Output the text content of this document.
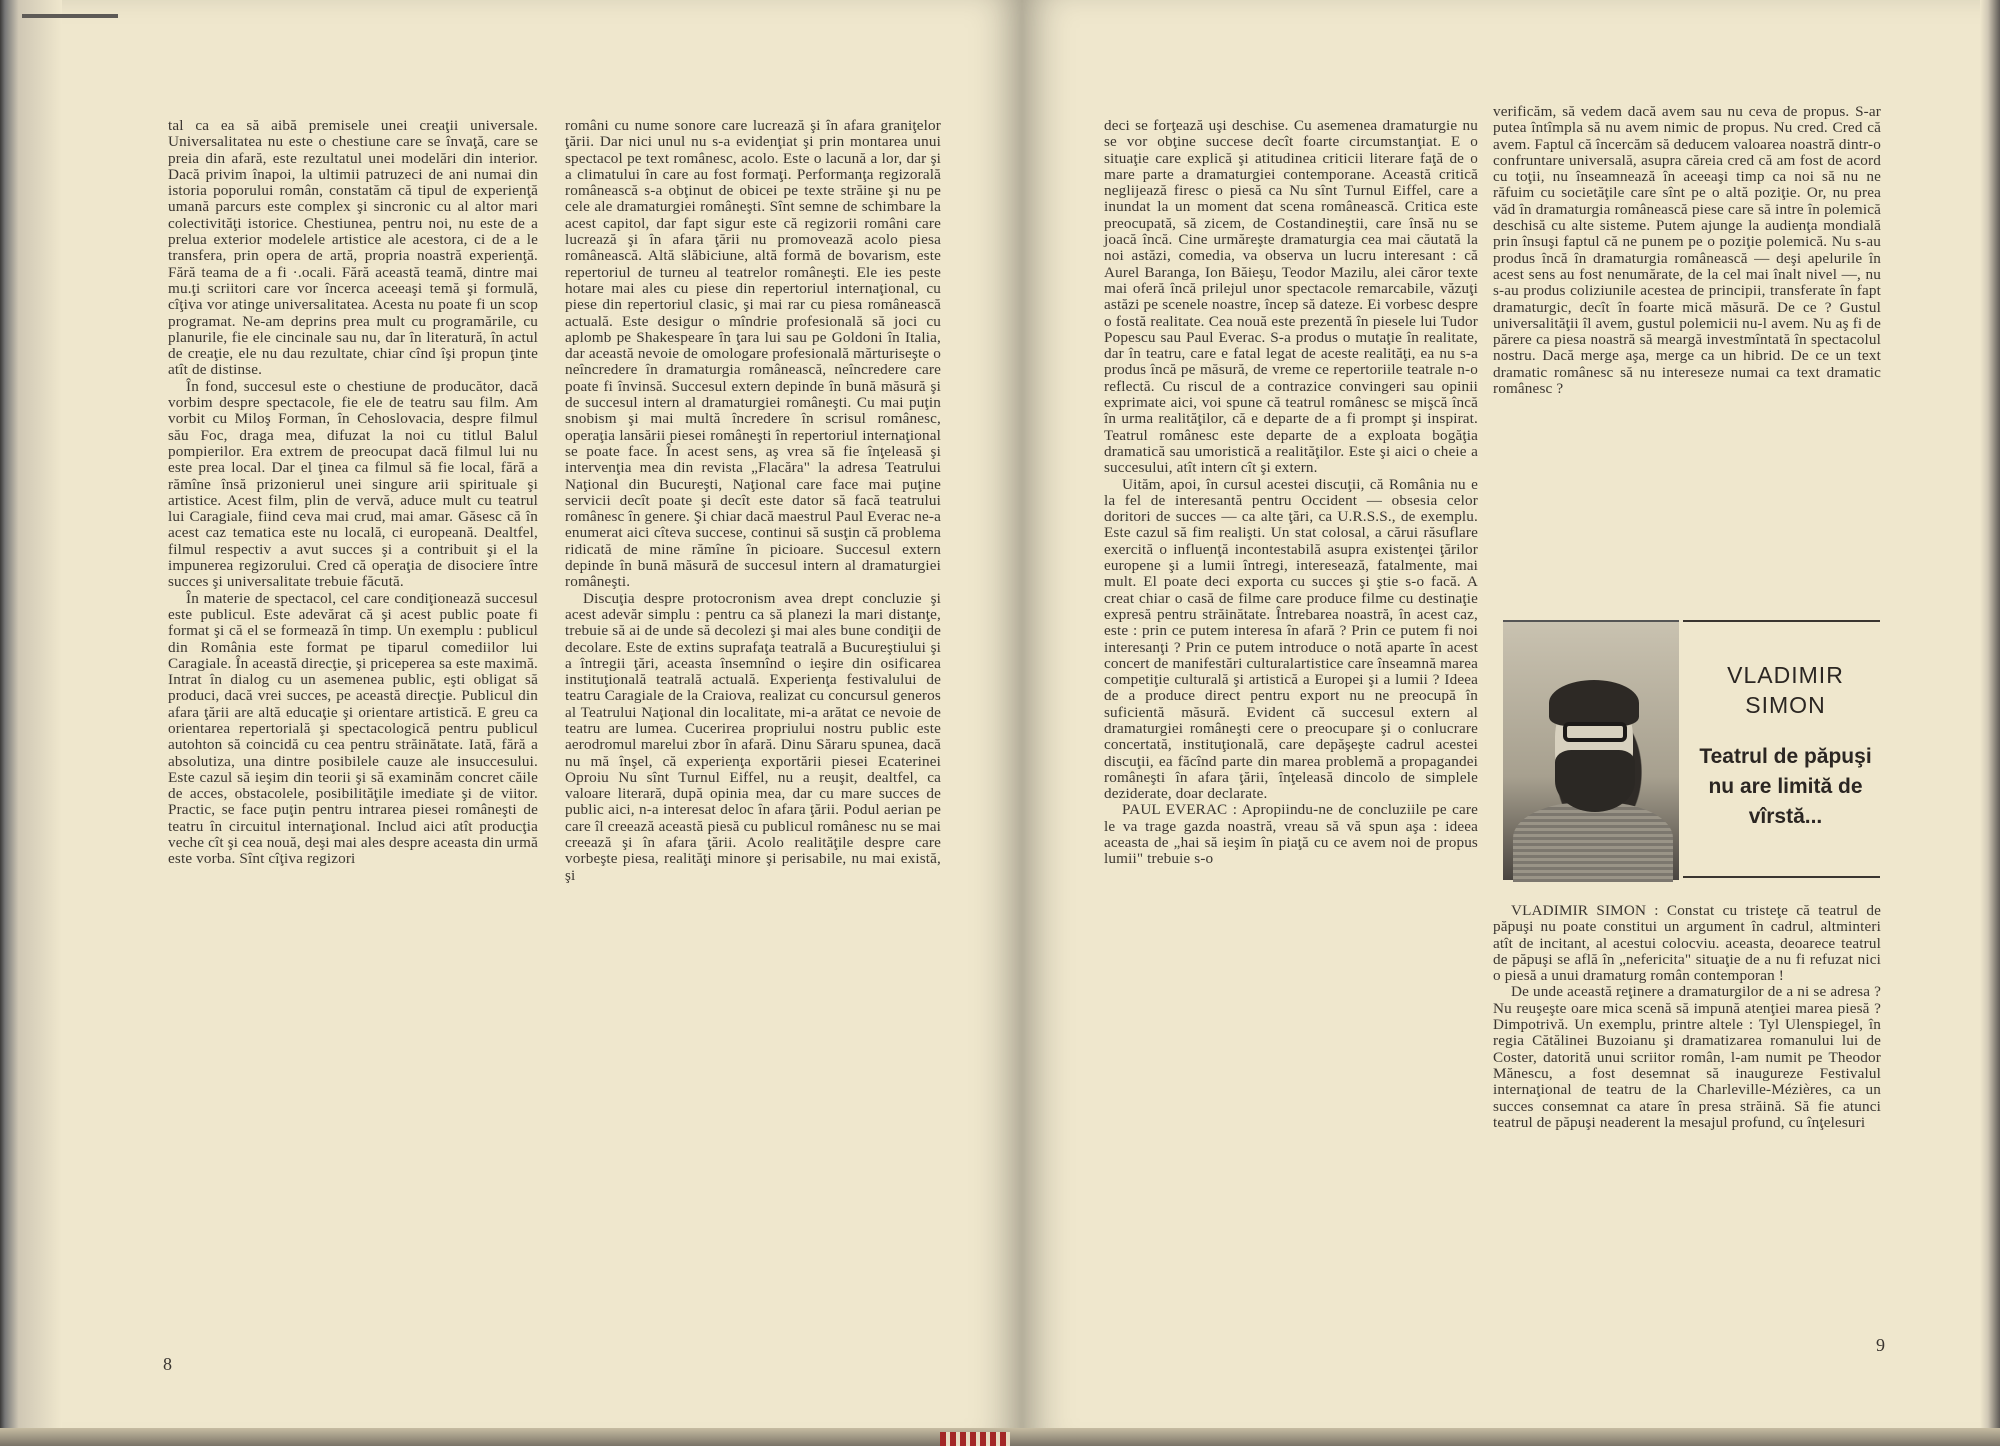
tal ca ea să aibă premisele unei creaţii universale. Universalitatea nu este o chestiune care se învaţă, care se preia din afară, este rezultatul unei modelări din interior. Dacă privim înapoi, la ultimii patruzeci de ani numai din istoria poporului român, constatăm că tipul de experienţă umană parcurs este complex şi sincronic cu al altor mari colectivităţi istorice. Chestiunea, pentru noi, nu este de a prelua exterior modelele artistice ale acestora, ci de a le transfera, prin opera de artă, propria noastră experienţă. Fără teama de a fi ·.ocali. Fără această teamă, dintre mai mu.ţi scriitori care vor încerca aceeaşi temă şi formulă, cîţiva vor atinge universalitatea. Acesta nu poate fi un scop programat. Ne-am deprins prea mult cu programările, cu planurile, fie ele cincinale sau nu, dar în literatură, în actul de creaţie, ele nu dau rezultate, chiar cînd îşi propun ţinte atît de distinse.

În fond, succesul este o chestiune de producător, dacă vorbim despre spectacole, fie ele de teatru sau film. Am vorbit cu Miloş Forman, în Cehoslovacia, despre filmul său Foc, draga mea, difuzat la noi cu titlul Balul pompierilor. Era extrem de preocupat dacă filmul lui nu este prea local. Dar el ţinea ca filmul să fie local, fără a rămîne însă prizonierul unei singure arii spirituale şi artistice. Acest film, plin de vervă, aduce mult cu teatrul lui Caragiale, fiind ceva mai crud, mai amar. Găsesc că în acest caz tematica este nu locală, ci europeană. Dealtfel, filmul respectiv a avut succes şi a contribuit şi el la impunerea regizorului. Cred că operaţia de disociere între succes şi universalitate trebuie făcută.

În materie de spectacol, cel care condiţionează succesul este publicul. Este adevărat că şi acest public poate fi format şi că el se formează în timp. Un exemplu : publicul din România este format pe tiparul comediilor lui Caragiale. În această direcţie, şi priceperea sa este maximă. Intrat în dialog cu un asemenea public, eşti obligat să produci, dacă vrei succes, pe această direcţie. Publicul din afara ţării are altă educaţie şi orientare artistică. E greu ca orientarea repertorială şi spectacologică pentru publicul autohton să coincidă cu cea pentru străinătate. Iată, fără a absolutiza, una dintre posibilele cauze ale insuccesului. Este cazul să ieşim din teorii şi să examinăm concret căile de acces, obstacolele, posibilităţile imediate şi de viitor. Practic, se face puţin pentru intrarea piesei româneşti de teatru în circuitul internaţional. Includ aici atît producţia veche cît şi cea nouă, deşi mai ales despre aceasta din urmă este vorba. Sînt cîţiva regizori

români cu nume sonore care lucrează şi în afara graniţelor ţării. Dar nici unul nu s-a evidenţiat şi prin montarea unui spectacol pe text românesc, acolo. Este o lacună a lor, dar şi a climatului în care au fost formaţi. Performanţa regizorală românească s-a obţinut de obicei pe texte străine şi nu pe cele ale dramaturgiei româneşti. Sînt semne de schimbare la acest capitol, dar fapt sigur este că regizorii români care lucrează şi în afara ţării nu promovează acolo piesa românească. Altă slăbiciune, altă formă de bovarism, este repertoriul de turneu al teatrelor româneşti. Ele ies peste hotare mai ales cu piese din repertoriul internaţional, cu piese din repertoriul clasic, şi mai rar cu piesa românească actuală. Este desigur o mîndrie profesională să joci cu aplomb pe Shakespeare în ţara lui sau pe Goldoni în Italia, dar această nevoie de omologare profesională mărturiseşte o neîncredere în dramaturgia românească, neîncredere care poate fi învinsă. Succesul extern depinde în bună măsură şi de succesul intern al dramaturgiei româneşti. Cu mai puţin snobism şi mai multă încredere în scrisul românesc, operaţia lansării piesei româneşti în repertoriul internaţional se poate face. În acest sens, aş vrea să fie înţeleasă şi intervenţia mea din revista „Flacăra" la adresa Teatrului Naţional din Bucureşti, Naţional care face mai puţine servicii decît poate şi decît este dator să facă teatrului românesc în genere. Şi chiar dacă maestrul Paul Everac ne-a enumerat aici cîteva succese, continui să susţin că problema ridicată de mine rămîne în picioare. Succesul extern depinde în bună măsură de succesul intern al dramaturgiei româneşti.

Discuţia despre protocronism avea drept concluzie şi acest adevăr simplu : pentru ca să planezi la mari distanţe, trebuie să ai de unde să decolezi şi mai ales bune condiţii de decolare. Este de extins suprafaţa teatrală a Bucureştiului şi a întregii ţări, aceasta însemnînd o ieşire din osificarea instituţională teatrală actuală. Experienţa festivalului de teatru Caragiale de la Craiova, realizat cu concursul generos al Teatrului Naţional din localitate, mi-a arătat ce nevoie de teatru are lumea. Cucerirea propriului nostru public este aerodromul marelui zbor în afară. Dinu Săraru spunea, dacă nu mă înşel, că experienţa exportării piesei Ecaterinei Oproiu Nu sînt Turnul Eiffel, nu a reuşit, dealtfel, ca valoare literară, după opinia mea, dar cu mare succes de public aici, n-a interesat deloc în afara ţării. Podul aerian pe care îl creează această piesă cu publicul românesc nu se mai creează şi în afara ţării. Acolo realităţile despre care vorbeşte piesa, realităţi minore şi perisabile, nu mai există, şi

8

deci se forţează uşi deschise. Cu asemenea dramaturgie nu se vor obţine succese decît foarte circumstanţiat. E o situaţie care explică şi atitudinea criticii literare faţă de o mare parte a dramaturgiei contemporane. Această critică neglijează firesc o piesă ca Nu sînt Turnul Eiffel, care a inundat la un moment dat scena românească. Critica este preocupată, să zicem, de Costandineştii, care însă nu se joacă încă. Cine urmăreşte dramaturgia cea mai căutată la noi astăzi, comedia, va observa un lucru interesant : că Aurel Baranga, Ion Băieşu, Teodor Mazilu, alei căror texte mai oferă încă prilejul unor spectacole remarcabile, văzuţi astăzi pe scenele noastre, încep să dateze. Ei vorbesc despre o fostă realitate. Cea nouă este prezentă în piesele lui Tudor Popescu sau Paul Everac. S-a produs o mutaţie în realitate, dar în teatru, care e fatal legat de aceste realităţi, ea nu s-a produs încă pe măsură, de vreme ce repertoriile teatrale n-o reflectă. Cu riscul de a contrazice convingeri sau opinii exprimate aici, voi spune că teatrul românesc se mişcă încă în urma realităţilor, că e departe de a fi prompt şi inspirat. Teatrul românesc este departe de a exploata bogăţia dramatică sau umoristică a realităţilor. Este şi aici o cheie a succesului, atît intern cît şi extern.

Uităm, apoi, în cursul acestei discuţii, că România nu e la fel de interesantă pentru Occident — obsesia celor doritori de succes — ca alte ţări, ca U.R.S.S., de exemplu. Este cazul să fim realişti. Un stat colosal, a cărui răsuflare exercită o influenţă incontestabilă asupra existenţei ţărilor europene şi a lumii întregi, interesează, fatalmente, mai mult. El poate deci exporta cu succes şi ştie s-o facă. A creat chiar o casă de filme care produce filme cu destinaţie expresă pentru străinătate. Întrebarea noastră, în acest caz, este : prin ce putem interesa în afară ? Prin ce putem fi noi interesanţi ? Prin ce putem introduce o notă aparte în acest concert de manifestări culturalartistice care înseamnă marea competiţie culturală şi artistică a Europei şi a lumii ? Ideea de a produce direct pentru export nu ne preocupă în suficientă măsură. Evident că succesul extern al dramaturgiei româneşti cere o preocupare şi o conlucrare concertată, instituţională, care depăşeşte cadrul acestei discuţii, ea făcînd parte din marea problemă a propagandei româneşti în afara ţării, înţeleasă dincolo de simplele deziderate, doar declarate.

PAUL EVERAC : Apropiindu-ne de concluziile pe care le va trage gazda noastră, vreau să vă spun aşa : ideea aceasta de „hai să ieşim în piaţă cu ce avem noi de propus lumii" trebuie s-o

verificăm, să vedem dacă avem sau nu ceva de propus. S-ar putea întîmpla să nu avem nimic de propus. Nu cred. Cred că avem. Faptul că încercăm să deducem valoarea noastră dintr-o confruntare universală, asupra căreia cred că am fost de acord cu toţii, nu înseamnează în aceeaşi timp ca noi să nu ne răfuim cu societăţile care sînt pe o altă poziţie. Or, nu prea văd în dramaturgia românească piese care să intre în polemică deschisă cu alte sisteme. Putem ajunge la audienţa mondială prin însuşi faptul că ne punem pe o poziţie polemică. Nu s-au produs încă în dramaturgia românească — deşi apelurile în acest sens au fost nenumărate, de la cel mai înalt nivel —, nu s-au produs coliziunile acestea de principii, transferate în fapt dramaturgic, decît în foarte mică măsură. De ce ? Gustul universalităţii îl avem, gustul polemicii nu-l avem. Nu aş fi de părere ca piesa noastră să meargă investmîntată în spectacolul nostru. Dacă merge aşa, merge ca un hibrid. De ce un text dramatic românesc să nu intereseze numai ca text dramatic românesc ?

VLADIMIR SIMON
Teatrul de păpuşi nu are limită de vîrstă...

VLADIMIR SIMON : Constat cu tristeţe că teatrul de păpuşi nu poate constitui un argument în cadrul, altminteri atît de incitant, al acestui colocviu. aceasta, deoarece teatrul de păpuşi se află în „nefericita" situaţie de a nu fi refuzat nici o piesă a unui dramaturg român contemporan !

De unde această reţinere a dramaturgilor de a ni se adresa ? Nu reuşeşte oare mica scenă să impună atenţiei marea piesă ? Dimpotrivă. Un exemplu, printre altele : Tyl Ulenspiegel, în regia Cătălinei Buzoianu şi dramatizarea romanului lui de Coster, datorită unui scriitor român, l-am numit pe Theodor Mănescu, a fost desemnat să inaugureze Festivalul internaţional de teatru de la Charleville-Mézières, ca un succes consemnat ca atare în presa străină. Să fie atunci teatrul de păpuşi neaderent la mesajul profund, cu înţelesuri

9
